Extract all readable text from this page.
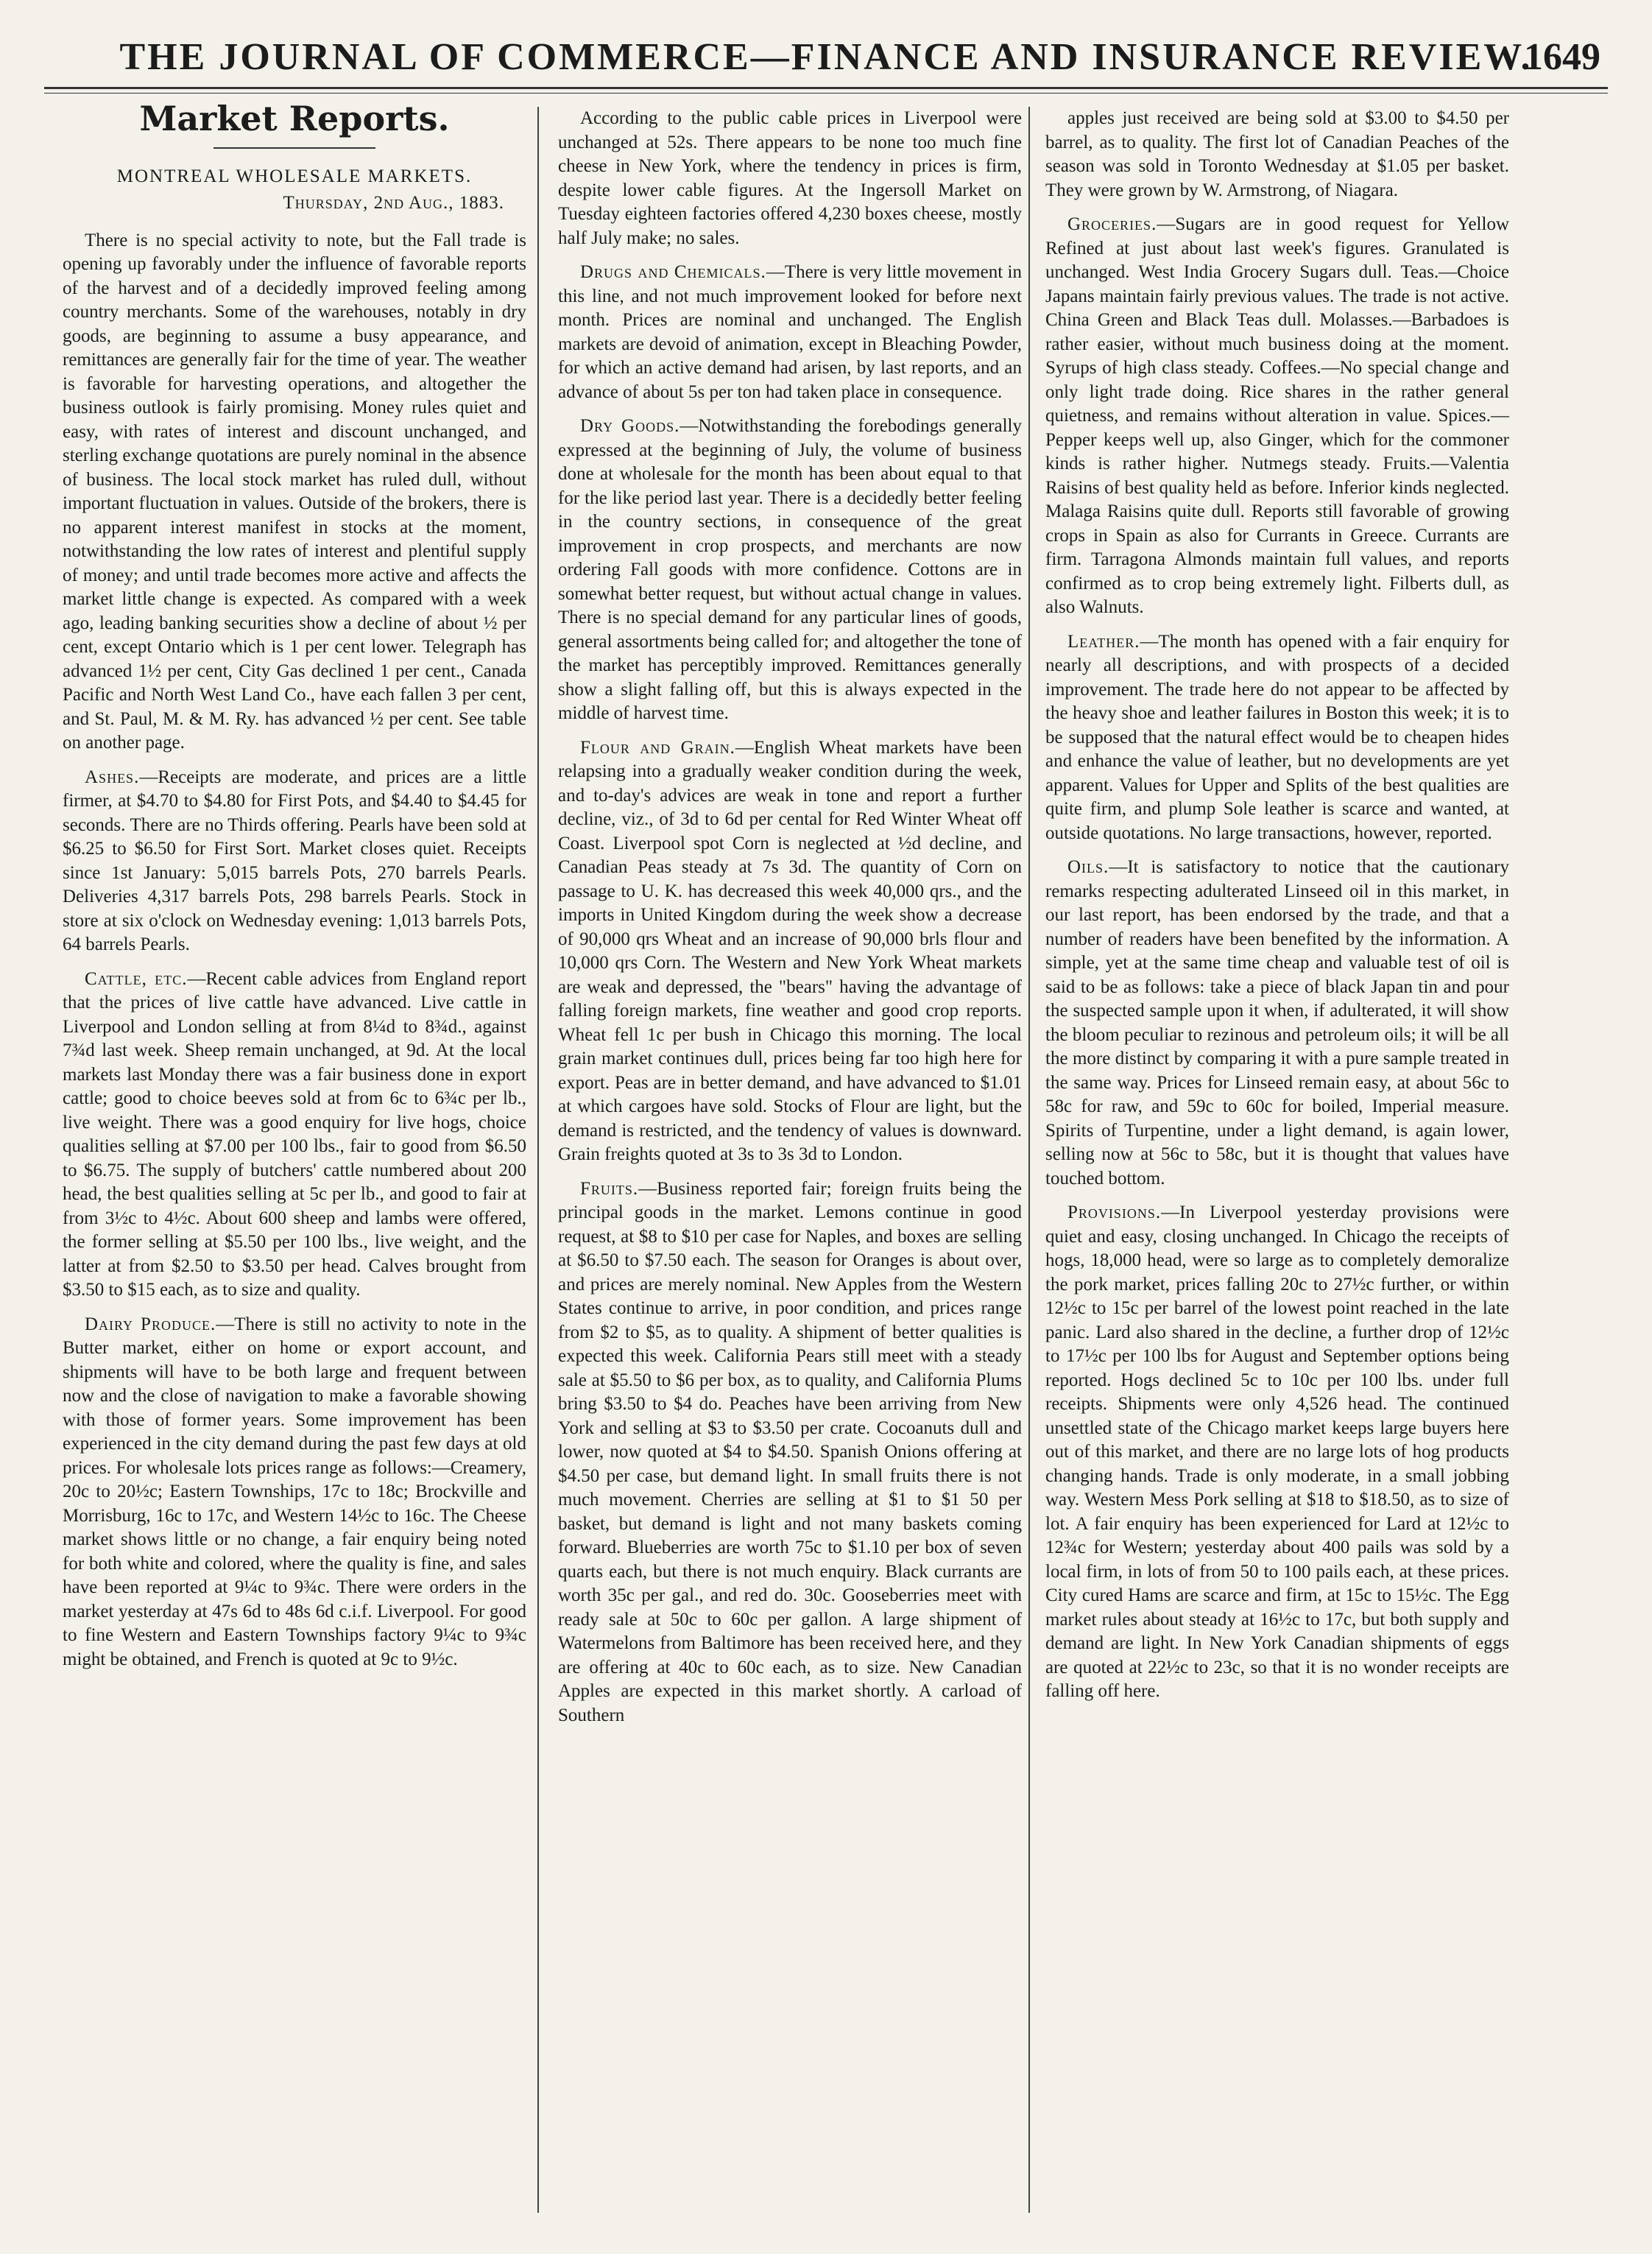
THE JOURNAL OF COMMERCE—FINANCE AND INSURANCE REVIEW.
1649
Market Reports.
MONTREAL WHOLESALE MARKETS.
Thursday, 2nd Aug., 1883.

There is no special activity to note, but the Fall trade is opening up favorably under the influence of favorable reports of the harvest and of a decidedly improved feeling among country merchants. Some of the warehouses, notably in dry goods, are beginning to assume a busy appearance, and remittances are generally fair for the time of year. The weather is favorable for harvesting operations, and altogether the business outlook is fairly promising. Money rules quiet and easy, with rates of interest and discount unchanged, and sterling exchange quotations are purely nominal in the absence of business. The local stock market has ruled dull, without important fluctuation in values. Outside of the brokers, there is no apparent interest manifest in stocks at the moment, notwithstanding the low rates of interest and plentiful supply of money; and until trade becomes more active and affects the market little change is expected. As compared with a week ago, leading banking securities show a decline of about ½ per cent, except Ontario which is 1 per cent lower. Telegraph has advanced 1½ per cent, City Gas declined 1 per cent., Canada Pacific and North West Land Co., have each fallen 3 per cent, and St. Paul, M. & M. Ry. has advanced ½ per cent. See table on another page.

Ashes.—Receipts are moderate, and prices are a little firmer, at $4.70 to $4.80 for First Pots, and $4.40 to $4.45 for seconds. There are no Thirds offering. Pearls have been sold at $6.25 to $6.50 for First Sort. Market closes quiet. Receipts since 1st January: 5,015 barrels Pots, 270 barrels Pearls. Deliveries 4,317 barrels Pots, 298 barrels Pearls. Stock in store at six o'clock on Wednesday evening: 1,013 barrels Pots, 64 barrels Pearls.

Cattle, etc.—Recent cable advices from England report that the prices of live cattle have advanced. Live cattle in Liverpool and London selling at from 8¼d to 8¾d., against 7¾d last week. Sheep remain unchanged, at 9d. At the local markets last Monday there was a fair business done in export cattle; good to choice beeves sold at from 6c to 6¾c per lb., live weight. There was a good enquiry for live hogs, choice qualities selling at $7.00 per 100 lbs., fair to good from $6.50 to $6.75. The supply of butchers' cattle numbered about 200 head, the best qualities selling at 5c per lb., and good to fair at from 3½c to 4½c. About 600 sheep and lambs were offered, the former selling at $5.50 per 100 lbs., live weight, and the latter at from $2.50 to $3.50 per head. Calves brought from $3.50 to $15 each, as to size and quality.

Dairy Produce.—There is still no activity to note in the Butter market, either on home or export account, and shipments will have to be both large and frequent between now and the close of navigation to make a favorable showing with those of former years. Some improvement has been experienced in the city demand during the past few days at old prices. For wholesale lots prices range as follows:—Creamery, 20c to 20½c; Eastern Townships, 17c to 18c; Brockville and Morrisburg, 16c to 17c, and Western 14½c to 16c. The Cheese market shows little or no change, a fair enquiry being noted for both white and colored, where the quality is fine, and sales have been reported at 9¼c to 9¾c. There were orders in the market yesterday at 47s 6d to 48s 6d c.i.f. Liverpool. For good to fine Western and Eastern Townships factory 9¼c to 9¾c might be obtained, and French is quoted at 9c to 9½c.

According to the public cable prices in Liverpool were unchanged at 52s. There appears to be none too much fine cheese in New York, where the tendency in prices is firm, despite lower cable figures. At the Ingersoll Market on Tuesday eighteen factories offered 4,230 boxes cheese, mostly half July make; no sales.

Drugs and Chemicals.—There is very little movement in this line, and not much improvement looked for before next month. Prices are nominal and unchanged. The English markets are devoid of animation, except in Bleaching Powder, for which an active demand had arisen, by last reports, and an advance of about 5s per ton had taken place in consequence.

Dry Goods.—Notwithstanding the forebodings generally expressed at the beginning of July, the volume of business done at wholesale for the month has been about equal to that for the like period last year. There is a decidedly better feeling in the country sections, in consequence of the great improvement in crop prospects, and merchants are now ordering Fall goods with more confidence. Cottons are in somewhat better request, but without actual change in values. There is no special demand for any particular lines of goods, general assortments being called for; and altogether the tone of the market has perceptibly improved. Remittances generally show a slight falling off, but this is always expected in the middle of harvest time.

Flour and Grain.—English Wheat markets have been relapsing into a gradually weaker condition during the week, and to-day's advices are weak in tone and report a further decline, viz., of 3d to 6d per cental for Red Winter Wheat off Coast. Liverpool spot Corn is neglected at ½d decline, and Canadian Peas steady at 7s 3d. The quantity of Corn on passage to U. K. has decreased this week 40,000 qrs., and the imports in United Kingdom during the week show a decrease of 90,000 qrs Wheat and an increase of 90,000 brls flour and 10,000 qrs Corn. The Western and New York Wheat markets are weak and depressed, the "bears" having the advantage of falling foreign markets, fine weather and good crop reports. Wheat fell 1c per bush in Chicago this morning. The local grain market continues dull, prices being far too high here for export. Peas are in better demand, and have advanced to $1.01 at which cargoes have sold. Stocks of Flour are light, but the demand is restricted, and the tendency of values is downward. Grain freights quoted at 3s to 3s 3d to London.

Fruits.—Business reported fair; foreign fruits being the principal goods in the market. Lemons continue in good request, at $8 to $10 per case for Naples, and boxes are selling at $6.50 to $7.50 each. The season for Oranges is about over, and prices are merely nominal. New Apples from the Western States continue to arrive, in poor condition, and prices range from $2 to $5, as to quality. A shipment of better qualities is expected this week. California Pears still meet with a steady sale at $5.50 to $6 per box, as to quality, and California Plums bring $3.50 to $4 do. Peaches have been arriving from New York and selling at $3 to $3.50 per crate. Cocoanuts dull and lower, now quoted at $4 to $4.50. Spanish Onions offering at $4.50 per case, but demand light. In small fruits there is not much movement. Cherries are selling at $1 to $1 50 per basket, but demand is light and not many baskets coming forward. Blueberries are worth 75c to $1.10 per box of seven quarts each, but there is not much enquiry. Black currants are worth 35c per gal., and red do. 30c. Gooseberries meet with ready sale at 50c to 60c per gallon. A large shipment of Watermelons from Baltimore has been received here, and they are offering at 40c to 60c each, as to size. New Canadian Apples are expected in this market shortly. A carload of Southern

apples just received are being sold at $3.00 to $4.50 per barrel, as to quality. The first lot of Canadian Peaches of the season was sold in Toronto Wednesday at $1.05 per basket. They were grown by W. Armstrong, of Niagara.

Groceries.—Sugars are in good request for Yellow Refined at just about last week's figures. Granulated is unchanged. West India Grocery Sugars dull. Teas.—Choice Japans maintain fairly previous values. The trade is not active. China Green and Black Teas dull. Molasses.—Barbadoes is rather easier, without much business doing at the moment. Syrups of high class steady. Coffees.—No special change and only light trade doing. Rice shares in the rather general quietness, and remains without alteration in value. Spices.—Pepper keeps well up, also Ginger, which for the commoner kinds is rather higher. Nutmegs steady. Fruits.—Valentia Raisins of best quality held as before. Inferior kinds neglected. Malaga Raisins quite dull. Reports still favorable of growing crops in Spain as also for Currants in Greece. Currants are firm. Tarragona Almonds maintain full values, and reports confirmed as to crop being extremely light. Filberts dull, as also Walnuts.

Leather.—The month has opened with a fair enquiry for nearly all descriptions, and with prospects of a decided improvement. The trade here do not appear to be affected by the heavy shoe and leather failures in Boston this week; it is to be supposed that the natural effect would be to cheapen hides and enhance the value of leather, but no developments are yet apparent. Values for Upper and Splits of the best qualities are quite firm, and plump Sole leather is scarce and wanted, at outside quotations. No large transactions, however, reported.

Oils.—It is satisfactory to notice that the cautionary remarks respecting adulterated Linseed oil in this market, in our last report, has been endorsed by the trade, and that a number of readers have been benefited by the information. A simple, yet at the same time cheap and valuable test of oil is said to be as follows: take a piece of black Japan tin and pour the suspected sample upon it when, if adulterated, it will show the bloom peculiar to rezinous and petroleum oils; it will be all the more distinct by comparing it with a pure sample treated in the same way. Prices for Linseed remain easy, at about 56c to 58c for raw, and 59c to 60c for boiled, Imperial measure. Spirits of Turpentine, under a light demand, is again lower, selling now at 56c to 58c, but it is thought that values have touched bottom.

Provisions.—In Liverpool yesterday provisions were quiet and easy, closing unchanged. In Chicago the receipts of hogs, 18,000 head, were so large as to completely demoralize the pork market, prices falling 20c to 27½c further, or within 12½c to 15c per barrel of the lowest point reached in the late panic. Lard also shared in the decline, a further drop of 12½c to 17½c per 100 lbs for August and September options being reported. Hogs declined 5c to 10c per 100 lbs. under full receipts. Shipments were only 4,526 head. The continued unsettled state of the Chicago market keeps large buyers here out of this market, and there are no large lots of hog products changing hands. Trade is only moderate, in a small jobbing way. Western Mess Pork selling at $18 to $18.50, as to size of lot. A fair enquiry has been experienced for Lard at 12½c to 12¾c for Western; yesterday about 400 pails was sold by a local firm, in lots of from 50 to 100 pails each, at these prices. City cured Hams are scarce and firm, at 15c to 15½c. The Egg market rules about steady at 16½c to 17c, but both supply and demand are light. In New York Canadian shipments of eggs are quoted at 22½c to 23c, so that it is no wonder receipts are falling off here.
